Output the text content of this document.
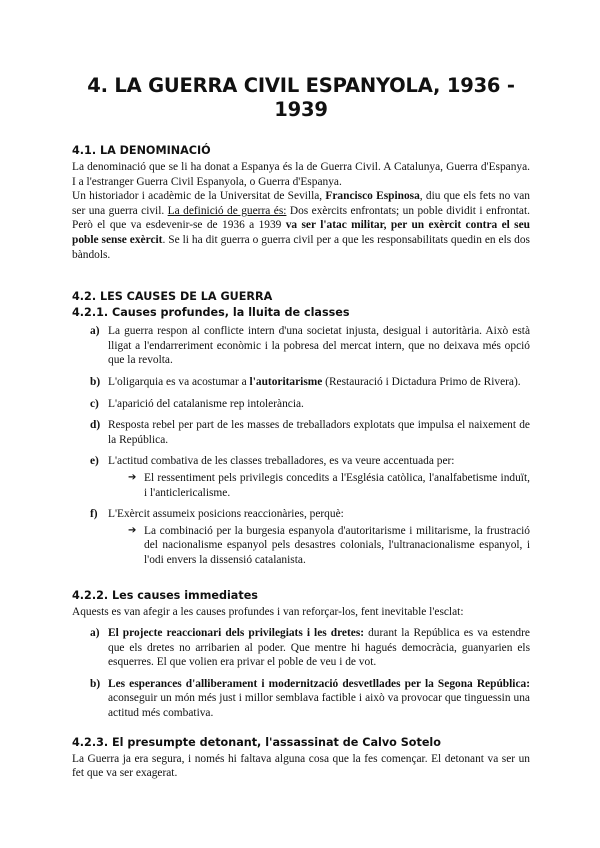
4. LA GUERRA CIVIL ESPANYOLA, 1936 - 1939
4.1. LA DENOMINACIÓ

La denominació que se li ha donat a Espanya és la de Guerra Civil. A Catalunya, Guerra d'Espanya. I a l'estranger Guerra Civil Espanyola, o Guerra d'Espanya.

Un historiador i acadèmic de la Universitat de Sevilla, Francisco Espinosa, diu que els fets no van ser una guerra civil. La definició de guerra és: Dos exèrcits enfrontats; un poble dividit i enfrontat. Però el que va esdevenir-se de 1936 a 1939 va ser l'atac militar, per un exèrcit contra el seu poble sense exèrcit. Se li ha dit guerra o guerra civil per a que les responsabilitats quedin en els dos bàndols.

4.2. LES CAUSES DE LA GUERRA
4.2.1. Causes profundes, la lluita de classes
a) La guerra respon al conflicte intern d'una societat injusta, desigual i autoritària. Això està lligat a l'endarreriment econòmic i la pobresa del mercat intern, que no deixava més opció que la revolta.
b) L'oligarquia es va acostumar a l'autoritarisme (Restauració i Dictadura Primo de Rivera).
c) L'aparició del catalanisme rep intolerància.
d) Resposta rebel per part de les masses de treballadors explotats que impulsa el naixement de la República.
e) L'actitud combativa de les classes treballadores, es va veure accentuada per:
➔ El ressentiment pels privilegis concedits a l'Església catòlica, l'analfabetisme induït, i l'anticlericalisme.
f) L'Exèrcit assumeix posicions reaccionàries, perquè:
➔ La combinació per la burgesia espanyola d'autoritarisme i militarisme, la frustració del nacionalisme espanyol pels desastres colonials, l'ultranacionalisme espanyol, i l'odi envers la dissensió catalanista.
4.2.2. Les causes immediates

Aquests es van afegir a les causes profundes i van reforçar-los, fent inevitable l'esclat:

a) El projecte reaccionari dels privilegiats i les dretes: durant la República es va estendre que els dretes no arribarien al poder. Que mentre hi hagués democràcia, guanyarien els esquerres. El que volien era privar el poble de veu i de vot.
b) Les esperances d'alliberament i modernització desvetllades per la Segona República: aconseguir un món més just i millor semblava factible i això va provocar que tinguessin una actitud més combativa.
4.2.3. El presumpte detonant, l'assassinat de Calvo Sotelo

La Guerra ja era segura, i només hi faltava alguna cosa que la fes començar. El detonant va ser un fet que va ser exagerat.
